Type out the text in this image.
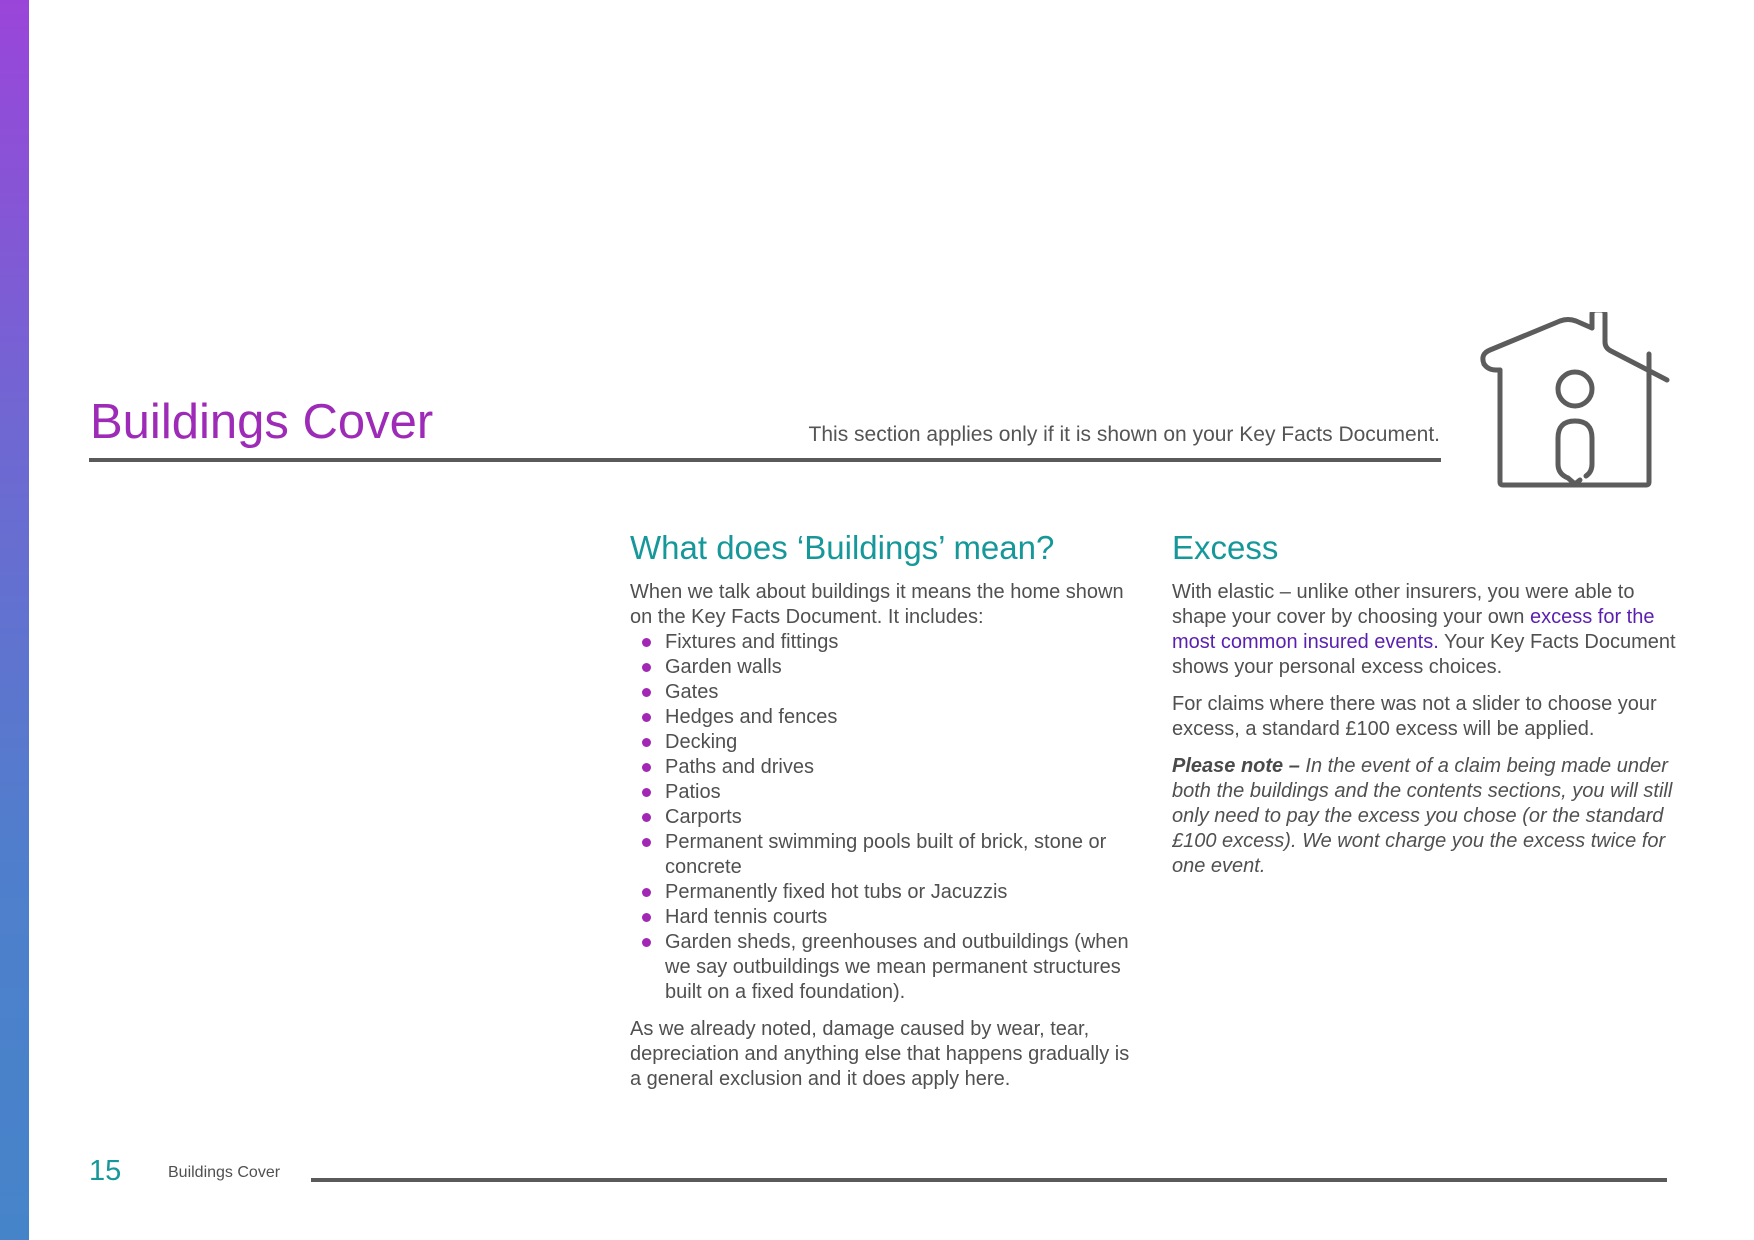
Buildings Cover	This section applies only if it is shown on your Key Facts Document.

What does ‘Buildings’ mean?

When we talk about buildings it means the home shown on the Key Facts Document. It includes:

Fixtures and fittings
Garden walls
Gates
Hedges and fences
Decking
Paths and drives
Patios
Carports
Permanent swimming pools built of brick, stone or concrete
Permanently fixed hot tubs or Jacuzzis
Hard tennis courts
Garden sheds, greenhouses and outbuildings (when we say outbuildings we mean permanent structures built on a fixed foundation).

As we already noted, damage caused by wear, tear, depreciation and anything else that happens gradually is a general exclusion and it does apply here.

Excess

With elastic – unlike other insurers, you were able to shape your cover by choosing your own excess for the most common insured events. Your Key Facts Document shows your personal excess choices.

For claims where there was not a slider to choose your excess, a standard £100 excess will be applied.

Please note – In the event of a claim being made under both the buildings and the contents sections, you will still only need to pay the excess you chose (or the standard £100 excess). We wont charge you the excess twice for one event.

15	Buildings Cover
